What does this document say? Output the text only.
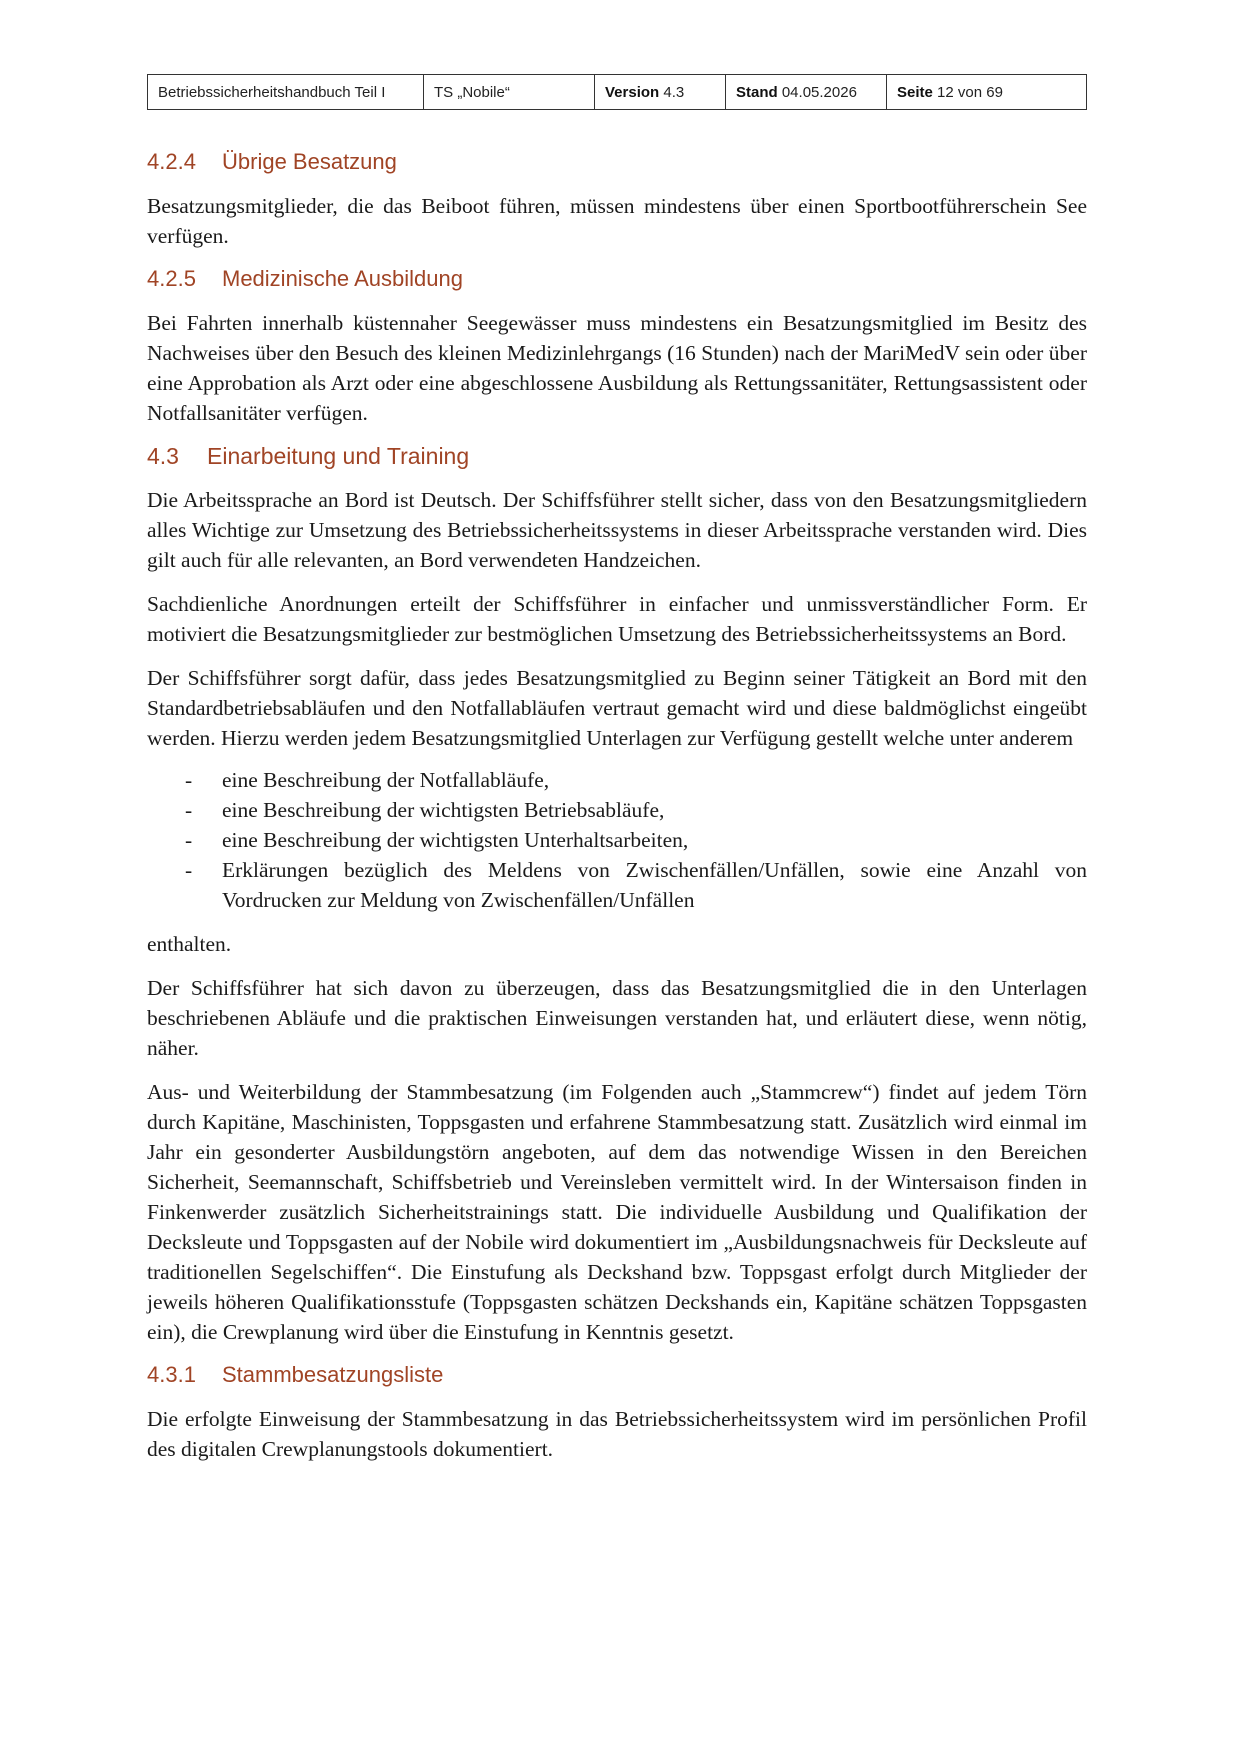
Betriebssicherheitshandbuch Teil I	TS „Nobile“	Version 4.3	Stand 04.05.2026	Seite 12 von 69
4.2.4 Übrige Besatzung

Besatzungsmitglieder, die das Beiboot führen, müssen mindestens über einen Sportbootführerschein See verfügen.

4.2.5 Medizinische Ausbildung

Bei Fahrten innerhalb küstennaher Seegewässer muss mindestens ein Besatzungsmitglied im Besitz des Nachweises über den Besuch des kleinen Medizinlehrgangs (16 Stunden) nach der MariMedV sein oder über eine Approbation als Arzt oder eine abgeschlossene Ausbildung als Rettungssanitäter, Rettungsassistent oder Notfallsanitäter verfügen.

4.3 Einarbeitung und Training

Die Arbeitssprache an Bord ist Deutsch. Der Schiffsführer stellt sicher, dass von den Besatzungsmitgliedern alles Wichtige zur Umsetzung des Betriebssicherheitssystems in dieser Arbeitssprache verstanden wird. Dies gilt auch für alle relevanten, an Bord verwendeten Handzeichen.

Sachdienliche Anordnungen erteilt der Schiffsführer in einfacher und unmissverständlicher Form. Er motiviert die Besatzungsmitglieder zur bestmöglichen Umsetzung des Betriebssicherheitssystems an Bord.

Der Schiffsführer sorgt dafür, dass jedes Besatzungsmitglied zu Beginn seiner Tätigkeit an Bord mit den Standardbetriebsabläufen und den Notfallabläufen vertraut gemacht wird und diese baldmöglichst eingeübt werden. Hierzu werden jedem Besatzungsmitglied Unterlagen zur Verfügung gestellt welche unter anderem

- eine Beschreibung der Notfallabläufe,
- eine Beschreibung der wichtigsten Betriebsabläufe,
- eine Beschreibung der wichtigsten Unterhaltsarbeiten,
- Erklärungen bezüglich des Meldens von Zwischenfällen/Unfällen, sowie eine Anzahl von Vordrucken zur Meldung von Zwischenfällen/Unfällen

enthalten.

Der Schiffsführer hat sich davon zu überzeugen, dass das Besatzungsmitglied die in den Unterlagen beschriebenen Abläufe und die praktischen Einweisungen verstanden hat, und erläutert diese, wenn nötig, näher.

Aus- und Weiterbildung der Stammbesatzung (im Folgenden auch „Stammcrew“) findet auf jedem Törn durch Kapitäne, Maschinisten, Toppsgasten und erfahrene Stammbesatzung statt. Zusätzlich wird einmal im Jahr ein gesonderter Ausbildungstörn angeboten, auf dem das notwendige Wissen in den Bereichen Sicherheit, Seemannschaft, Schiffsbetrieb und Vereinsleben vermittelt wird. In der Wintersaison finden in Finkenwerder zusätzlich Sicherheitstrainings statt. Die individuelle Ausbildung und Qualifikation der Decksleute und Toppsgasten auf der Nobile wird dokumentiert im „Ausbildungsnachweis für Decksleute auf traditionellen Segelschiffen“. Die Einstufung als Deckshand bzw. Toppsgast erfolgt durch Mitglieder der jeweils höheren Qualifikationsstufe (Toppsgasten schätzen Deckshands ein, Kapitäne schätzen Toppsgasten ein), die Crewplanung wird über die Einstufung in Kenntnis gesetzt.

4.3.1 Stammbesatzungsliste

Die erfolgte Einweisung der Stammbesatzung in das Betriebssicherheitssystem wird im persönlichen Profil des digitalen Crewplanungstools dokumentiert.
